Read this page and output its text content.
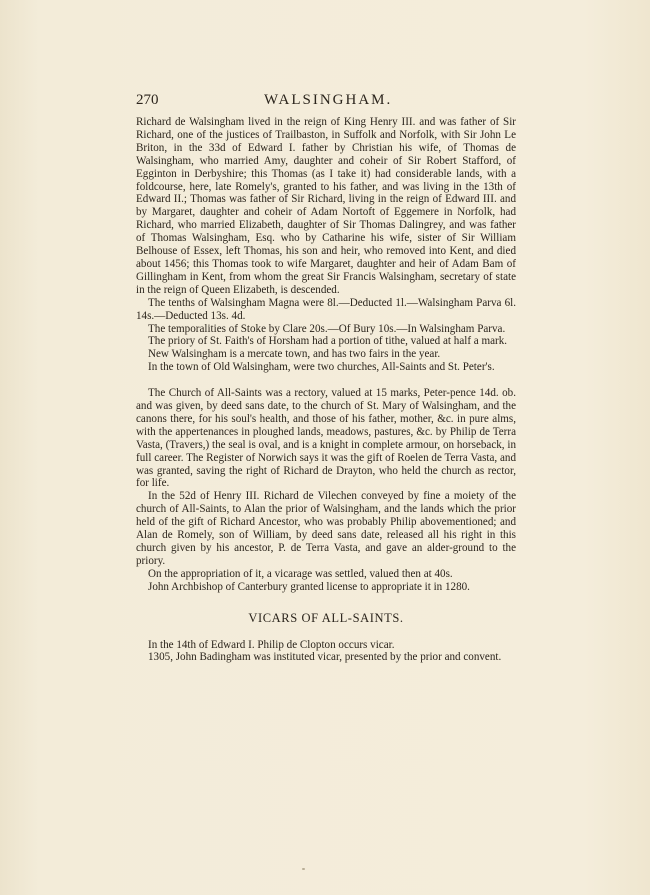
270	WALSINGHAM.

Richard de Walsingham lived in the reign of King Henry III. and was father of Sir Richard, one of the justices of Trailbaston, in Suffolk and Norfolk, with Sir John Le Briton, in the 33d of Edward I. father by Christian his wife, of Thomas de Walsingham, who married Amy, daughter and coheir of Sir Robert Stafford, of Egginton in Derbyshire; this Thomas (as I take it) had considerable lands, with a foldcourse, here, late Romely's, granted to his father, and was living in the 13th of Edward II.; Thomas was father of Sir Richard, living in the reign of Edward III. and by Margaret, daughter and coheir of Adam Nortoft of Eggemere in Norfolk, had Richard, who married Elizabeth, daughter of Sir Thomas Dalingrey, and was father of Thomas Walsingham, Esq. who by Catharine his wife, sister of Sir William Belhouse of Essex, left Thomas, his son and heir, who removed into Kent, and died about 1456; this Thomas took to wife Margaret, daughter and heir of Adam Bam of Gillingham in Kent, from whom the great Sir Francis Walsingham, secretary of state in the reign of Queen Elizabeth, is descended.

The tenths of Walsingham Magna were 8l.—Deducted 1l.—Walsingham Parva 6l. 14s.—Deducted 13s. 4d.

The temporalities of Stoke by Clare 20s.—Of Bury 10s.—In Walsingham Parva.

The priory of St. Faith's of Horsham had a portion of tithe, valued at half a mark.

New Walsingham is a mercate town, and has two fairs in the year.

In the town of Old Walsingham, were two churches, All-Saints and St. Peter's.

The Church of All-Saints was a rectory, valued at 15 marks, Peter-pence 14d. ob. and was given, by deed sans date, to the church of St. Mary of Walsingham, and the canons there, for his soul's health, and those of his father, mother, &c. in pure alms, with the appertenances in ploughed lands, meadows, pastures, &c. by Philip de Terra Vasta, (Travers,) the seal is oval, and is a knight in complete armour, on horseback, in full career. The Register of Norwich says it was the gift of Roelen de Terra Vasta, and was granted, saving the right of Richard de Drayton, who held the church as rector, for life.

In the 52d of Henry III. Richard de Vilechen conveyed by fine a moiety of the church of All-Saints, to Alan the prior of Walsingham, and the lands which the prior held of the gift of Richard Ancestor, who was probably Philip abovementioned; and Alan de Romely, son of William, by deed sans date, released all his right in this church given by his ancestor, P. de Terra Vasta, and gave an alder-ground to the priory.

On the appropriation of it, a vicarage was settled, valued then at 40s.

John Archbishop of Canterbury granted license to appropriate it in 1280.

VICARS OF ALL-SAINTS.

In the 14th of Edward I. Philip de Clopton occurs vicar.

1305, John Badingham was instituted vicar, presented by the prior and convent.
